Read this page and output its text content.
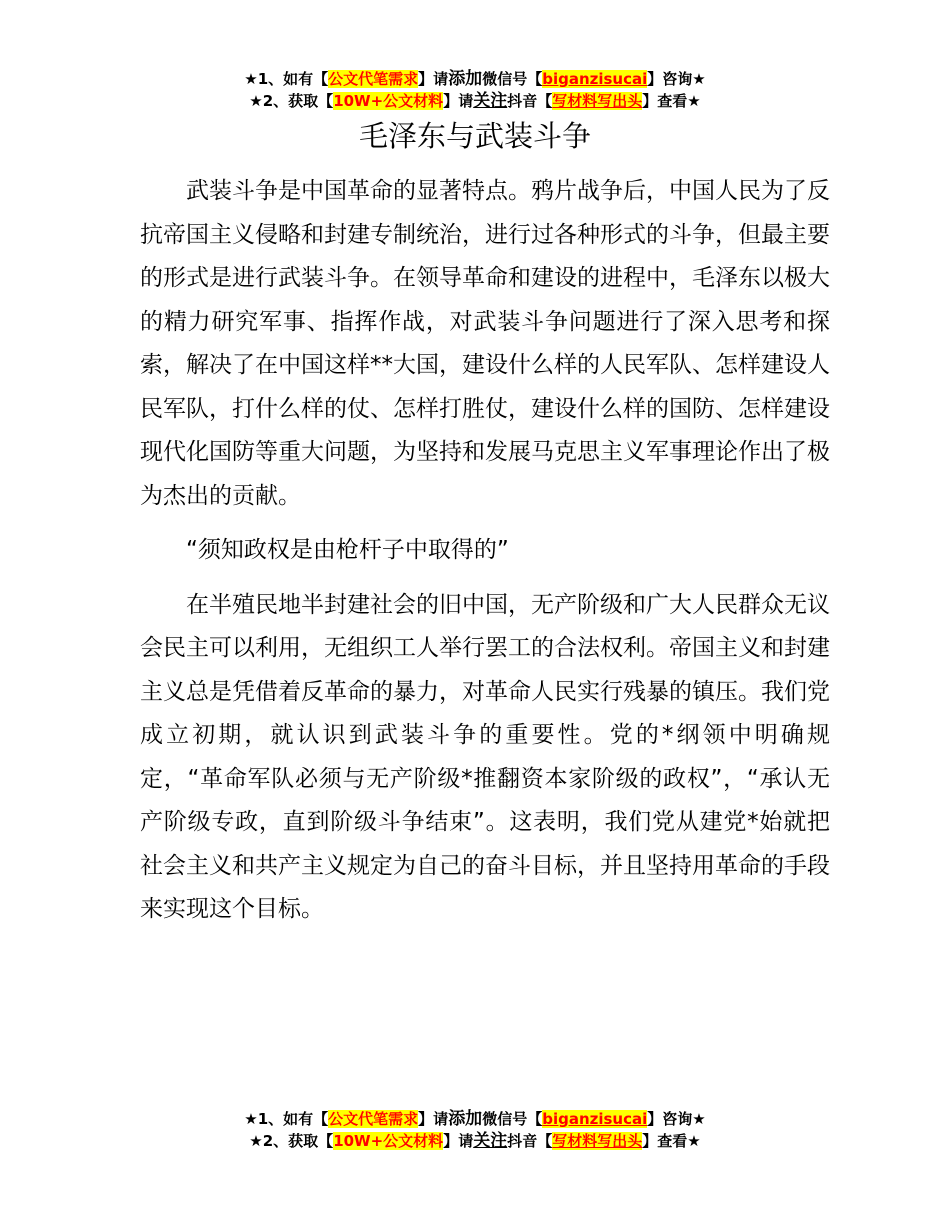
★1、如有【公文代笔需求】请添加微信号【biganzisucai】咨询★
★2、获取【10W+公文材料】请关注抖音【写材料写出头】查看★
毛泽东与武装斗争

武装斗争是中国革命的显著特点。鸦片战争后，中国人民为了反抗帝国主义侵略和封建专制统治，进行过各种形式的斗争，但最主要的形式是进行武装斗争。在领导革命和建设的进程中，毛泽东以极大的精力研究军事、指挥作战，对武装斗争问题进行了深入思考和探索，解决了在中国这样**大国，建设什么样的人民军队、怎样建设人民军队，打什么样的仗、怎样打胜仗，建设什么样的国防、怎样建设现代化国防等重大问题，为坚持和发展马克思主义军事理论作出了极为杰出的贡献。

“须知政权是由枪杆子中取得的”

在半殖民地半封建社会的旧中国，无产阶级和广大人民群众无议会民主可以利用，无组织工人举行罢工的合法权利。帝国主义和封建主义总是凭借着反革命的暴力，对革命人民实行残暴的镇压。我们党成立初期，就认识到武装斗争的重要性。党的*纲领中明确规定，“革命军队必须与无产阶级*推翻资本家阶级的政权”，“承认无产阶级专政，直到阶级斗争结束”。这表明，我们党从建党*始就把社会主义和共产主义规定为自己的奋斗目标，并且坚持用革命的手段来实现这个目标。

★1、如有【公文代笔需求】请添加微信号【biganzisucai】咨询★
★2、获取【10W+公文材料】请关注抖音【写材料写出头】查看★
